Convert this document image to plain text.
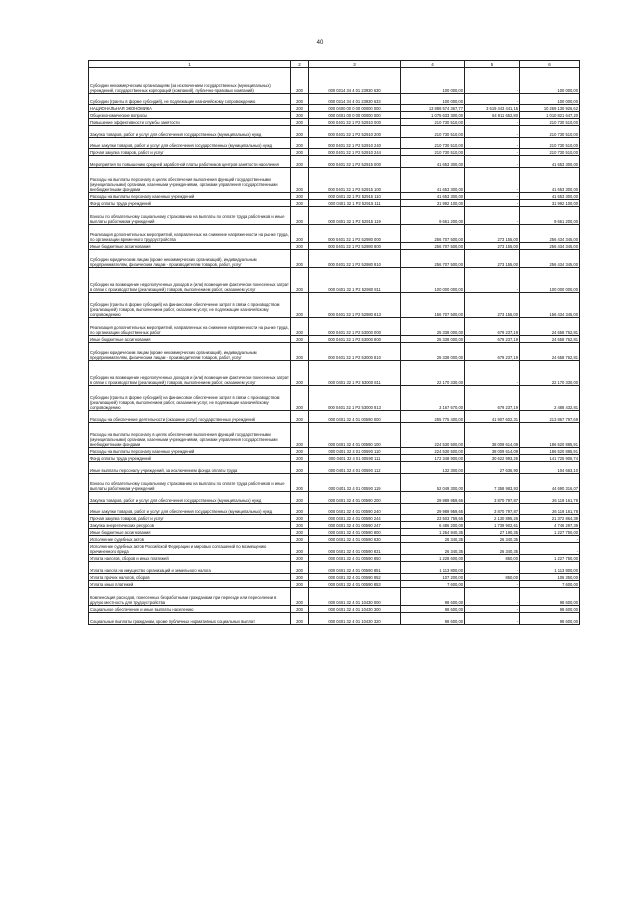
40
1	2	3	4	5	6
Субсидии некоммерческим организациям (за исключением государственных (муниципальных) учреждений, государственных корпораций (компаний), публично-правовых компаний)	200	000 0314 34 4 01 23930 630	100 000,00	-	100 000,00
Субсидии (гранты в форме субсидий), не подлежащие казначейскому сопровождению	200	000 0314 34 4 01 23930 633	100 000,00	-	100 000,00
НАЦИОНАЛЬНАЯ ЭКОНОМИКА	200	000 0400 00 0 00 00000 000	13 888 574 367,77	3 619 443 441,15	10 269 130 926,62
Общеэкономические вопросы	200	000 0401 00 0 00 00000 000	1 075 633 300,00	64 811 652,80	1 010 821 647,20
Повышение эффективности службы занятости	200	000 0401 32 1 P2 52910 000	210 730 510,00	-	210 730 510,00
Закупка товаров, работ и услуг для обеспечения государственных (муниципальных) нужд	200	000 0401 32 1 P2 52910 200	210 730 510,00	-	210 730 510,00
Иные закупки товаров, работ и услуг для обеспечения государственных (муниципальных) нужд	200	000 0401 32 1 P2 52910 240	210 730 510,00	-	210 730 510,00
Прочая закупка товаров, работ и услуг	200	000 0401 32 1 P2 52910 244	210 730 510,00	-	210 730 510,00
Мероприятия по повышению средней заработной платы работников центров занятости населения	200	000 0401 32 1 P2 52915 000	41 653 300,00	-	41 653 300,00
Расходы на выплаты персоналу в целях обеспечения выполнения функций государственными (муниципальными) органами, казенными учреждениями, органами управления государственными внебюджетными фондами	200	000 0401 32 1 P2 52915 100	41 653 300,00	-	41 653 300,00
Расходы на выплаты персоналу казенных учреждений	200	000 0401 32 1 P2 52915 110	41 653 300,00	-	41 653 300,00
Фонд оплаты труда учреждений	200	000 0401 32 1 P2 52915 111	31 992 100,00	-	31 992 100,00
Взносы по обязательному социальному страхованию на выплаты по оплате труда работников и иные выплаты работникам учреждений	200	000 0401 32 1 P2 52915 119	9 661 200,00	-	9 661 200,00
Реализация дополнительных мероприятий, направленных на снижение напряженности на рынке труда, по организации временного трудоустройства	200	000 0401 32 1 P2 52980 000	256 707 500,00	273 155,00	256 434 345,00
Иные бюджетные ассигнования	200	000 0401 32 1 P2 52980 800	256 707 500,00	273 155,00	256 434 345,00
Субсидии юридическим лицам (кроме некоммерческих организаций), индивидуальным предпринимателям, физическим лицам - производителям товаров, работ, услуг	200	000 0401 32 1 P2 52980 810	256 707 500,00	273 155,00	256 434 345,00
Субсидии на возмещение недополученных доходов и (или) возмещение фактически понесенных затрат в связи с производством (реализацией) товаров, выполнением работ, оказанием услуг	200	000 0401 32 1 P2 52980 811	100 000 000,00	-	100 000 000,00
Субсидии (гранты в форме субсидий) на финансовое обеспечение затрат в связи с производством (реализацией) товаров, выполнением работ, оказанием услуг, не подлежащие казначейскому сопровождению	200	000 0401 32 1 P2 52980 813	156 707 500,00	273 155,00	156 434 345,00
Реализация дополнительных мероприятий, направленных на снижение напряженности на рынке труда, по организации общественных работ	200	000 0401 32 1 P2 53000 000	25 338 000,00	679 237,19	24 658 762,81
Иные бюджетные ассигнования	200	000 0401 32 1 P2 53000 800	25 338 000,00	679 237,19	24 658 762,81
Субсидии юридическим лицам (кроме некоммерческих организаций), индивидуальным предпринимателям, физическим лицам - производителям товаров, работ, услуг	200	000 0401 32 1 P2 53000 810	25 338 000,00	679 237,19	24 658 762,81
Субсидии на возмещение недополученных доходов и (или) возмещение фактически понесенных затрат в связи с производством (реализацией) товаров, выполнением работ, оказанием услуг	200	000 0401 32 1 P2 53000 811	22 170 330,00	-	22 170 330,00
Субсидии (гранты в форме субсидий) на финансовое обеспечение затрат в связи с производством (реализацией) товаров, выполнением работ, оказанием услуг, не подлежащие казначейскому сопровождению	200	000 0401 32 1 P2 53000 813	3 167 670,00	679 237,19	2 488 432,81
Расходы на обеспечение деятельности (оказание услуг) государственных учреждений	200	000 0401 32 4 01 00590 000	255 775 400,00	41 907 602,31	213 867 797,69
Расходы на выплаты персоналу в целях обеспечения выполнения функций государственными (муниципальными) органами, казенными учреждениями, органами управления государственными внебюджетными фондами	200	000 0401 32 4 01 00590 100	224 530 500,00	38 009 614,09	186 520 885,91
Расходы на выплаты персоналу казенных учреждений	200	000 0401 32 4 01 00590 110	224 530 500,00	38 009 614,09	186 520 885,91
Фонд оплаты труда учреждений	200	000 0401 32 4 01 00590 111	172 348 900,00	30 622 993,26	141 725 906,74
Иные выплаты персоналу учреждений, за исключением фонда оплаты труда	200	000 0401 32 4 01 00590 112	132 300,00	27 636,90	104 663,10
Взносы по обязательному социальному страхованию на выплаты по оплате труда работников и иные выплаты работникам учреждений	200	000 0401 32 4 01 00590 119	52 049 300,00	7 358 983,93	44 690 316,07
Закупка товаров, работ и услуг для обеспечения государственных (муниципальных) нужд	200	000 0401 32 4 01 00590 200	29 989 959,65	3 870 797,87	26 119 161,78
Иные закупки товаров, работ и услуг для обеспечения государственных (муниципальных) нужд	200	000 0401 32 4 01 00590 240	29 989 959,65	3 870 797,87	26 119 161,78
Прочая закупка товаров, работ и услуг	200	000 0401 32 4 01 00590 244	23 503 759,65	2 130 895,26	21 372 864,39
Закупка энергетических ресурсов	200	000 0401 32 4 01 00590 247	6 486 200,00	1 739 902,61	4 746 297,39
Иные бюджетные ассигнования	200	000 0401 32 4 01 00590 800	1 254 940,35	27 190,35	1 227 750,00
Исполнение судебных актов	200	000 0401 32 4 01 00590 830	26 340,35	26 340,35	-
Исполнение судебных актов Российской Федерации и мировых соглашений по возмещению причиненного вреда	200	000 0401 32 4 01 00590 831	26 340,35	26 340,35	-
Уплата налогов, сборов и иных платежей	200	000 0401 32 4 01 00590 850	1 228 600,00	850,00	1 227 750,00
Уплата налога на имущество организаций и земельного налога	200	000 0401 32 4 01 00590 851	1 113 800,00	-	1 113 800,00
Уплата прочих налогов, сборов	200	000 0401 32 4 01 00590 852	107 200,00	850,00	106 350,00
Уплата иных платежей	200	000 0401 32 4 01 00590 853	7 600,00	-	7 600,00
Компенсация расходов, понесенных безработными гражданами при переезде или переселении в другую местность для трудоустройства	200	000 0401 32 4 01 10430 000	98 600,00	-	98 600,00
Социальное обеспечение и иные выплаты населению	200	000 0401 32 4 01 10430 300	98 600,00	-	98 600,00
Социальные выплаты гражданам, кроме публичных нормативных социальных выплат	200	000 0401 32 4 01 10430 320	98 600,00	-	98 600,00
